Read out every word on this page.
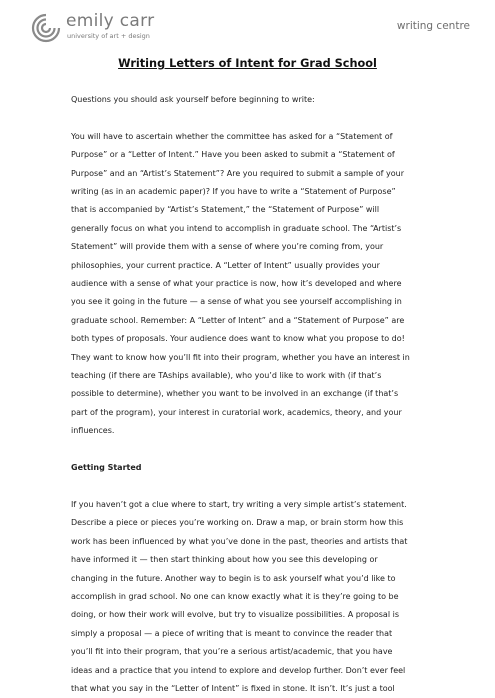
emily carr
university of art + design
writing centre
Writing Letters of Intent for Grad School

Questions you should ask yourself before beginning to write:

You will have to ascertain whether the committee has asked for a “Statement of

Purpose” or a “Letter of Intent.” Have you been asked to submit a “Statement of

Purpose” and an “Artist’s Statement”? Are you required to submit a sample of your

writing (as in an academic paper)? If you have to write a “Statement of Purpose”

that is accompanied by “Artist’s Statement,” the “Statement of Purpose” will

generally focus on what you intend to accomplish in graduate school. The “Artist’s

Statement” will provide them with a sense of where you’re coming from, your

philosophies, your current practice. A “Letter of Intent” usually provides your

audience with a sense of what your practice is now, how it’s developed and where

you see it going in the future — a sense of what you see yourself accomplishing in

graduate school. Remember: A “Letter of Intent” and a “Statement of Purpose” are

both types of proposals. Your audience does want to know what you propose to do!

They want to know how you’ll fit into their program, whether you have an interest in

teaching (if there are TAships available), who you’d like to work with (if that’s

possible to determine), whether you want to be involved in an exchange (if that’s

part of the program), your interest in curatorial work, academics, theory, and your

influences.

Getting Started

If you haven’t got a clue where to start, try writing a very simple artist’s statement.

Describe a piece or pieces you’re working on. Draw a map, or brain storm how this

work has been influenced by what you’ve done in the past, theories and artists that

have informed it — then start thinking about how you see this developing or

changing in the future. Another way to begin is to ask yourself what you’d like to

accomplish in grad school. No one can know exactly what it is they’re going to be

doing, or how their work will evolve, but try to visualize possibilities. A proposal is

simply a proposal — a piece of writing that is meant to convince the reader that

you’ll fit into their program, that you’re a serious artist/academic, that you have

ideas and a practice that you intend to explore and develop further. Don’t ever feel

that what you say in the “Letter of Intent” is fixed in stone. It isn’t. It’s just a tool
